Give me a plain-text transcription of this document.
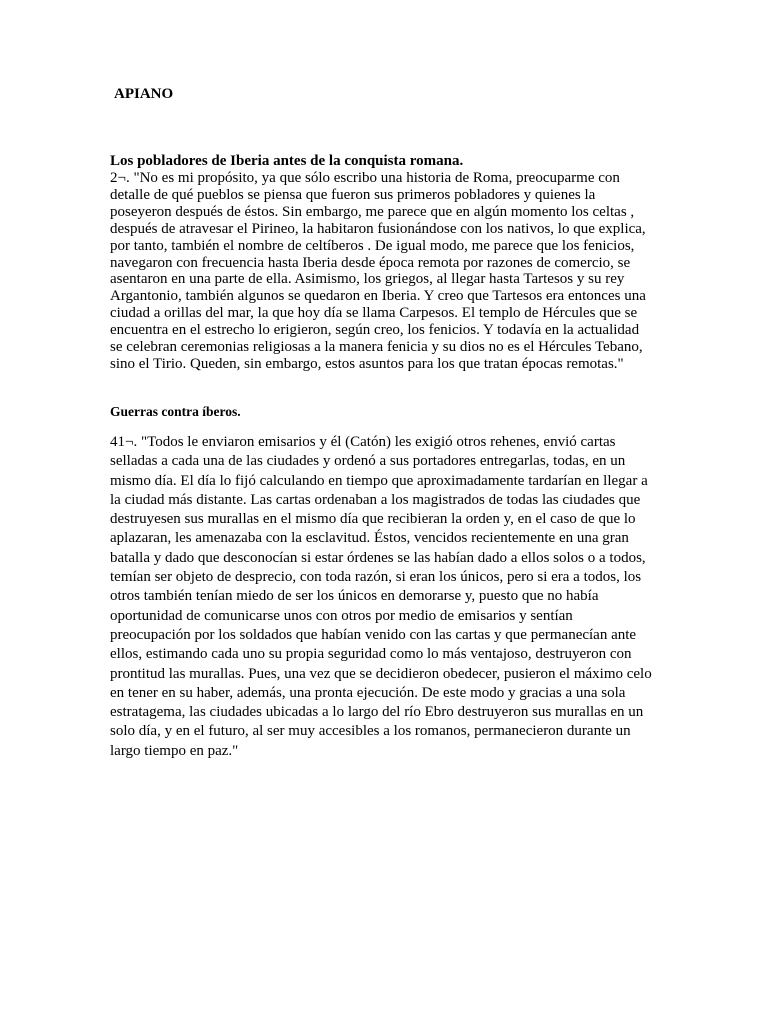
APIANO

Los pobladores de Iberia antes de la conquista romana.

2¬. "No es mi propósito, ya que sólo escribo una historia de Roma, preocuparme con detalle de qué pueblos se piensa que fueron sus primeros pobladores y quienes la poseyeron después de éstos. Sin embargo, me parece que en algún momento los celtas , después de atravesar el Pirineo, la habitaron fusionándose con los nativos, lo que explica, por tanto, también el nombre de celtíberos . De igual modo, me parece que los fenicios, navegaron con frecuencia hasta Iberia desde época remota por razones de comercio, se asentaron en una parte de ella. Asimismo, los griegos, al llegar hasta Tartesos y su rey Argantonio, también algunos se quedaron en Iberia. Y creo que Tartesos era entonces una ciudad a orillas del mar, la que hoy día se llama Carpesos. El templo de Hércules que se encuentra en el estrecho lo erigieron, según creo, los fenicios. Y todavía en la actualidad se celebran ceremonias religiosas a la manera fenicia y su dios no es el Hércules Tebano, sino el Tirio. Queden, sin embargo, estos asuntos para los que tratan épocas remotas."

Guerras contra íberos.

41¬. "Todos le enviaron emisarios y él (Catón) les exigió otros rehenes, envió cartas selladas a cada una de las ciudades y ordenó a sus portadores entregarlas, todas, en un mismo día. El día lo fijó calculando en tiempo que aproximadamente tardarían en llegar a la ciudad más distante. Las cartas ordenaban a los magistrados de todas las ciudades que destruyesen sus murallas en el mismo día que recibieran la orden y, en el caso de que lo aplazaran, les amenazaba con la esclavitud. Éstos, vencidos recientemente en una gran batalla y dado que desconocían si estar órdenes se las habían dado a ellos solos o a todos, temían ser objeto de desprecio, con toda razón, si eran los únicos, pero si era a todos, los otros también tenían miedo de ser los únicos en demorarse y, puesto que no había oportunidad de comunicarse unos con otros por medio de emisarios y sentían preocupación por los soldados que habían venido con las cartas y que permanecían ante ellos, estimando cada uno su propia seguridad como lo más ventajoso, destruyeron con prontitud las murallas. Pues, una vez que se decidieron obedecer, pusieron el máximo celo en tener en su haber, además, una pronta ejecución. De este modo y gracias a una sola estratagema, las ciudades ubicadas a lo largo del río Ebro destruyeron sus murallas en un solo día, y en el futuro, al ser muy accesibles a los romanos, permanecieron durante un largo tiempo en paz."
